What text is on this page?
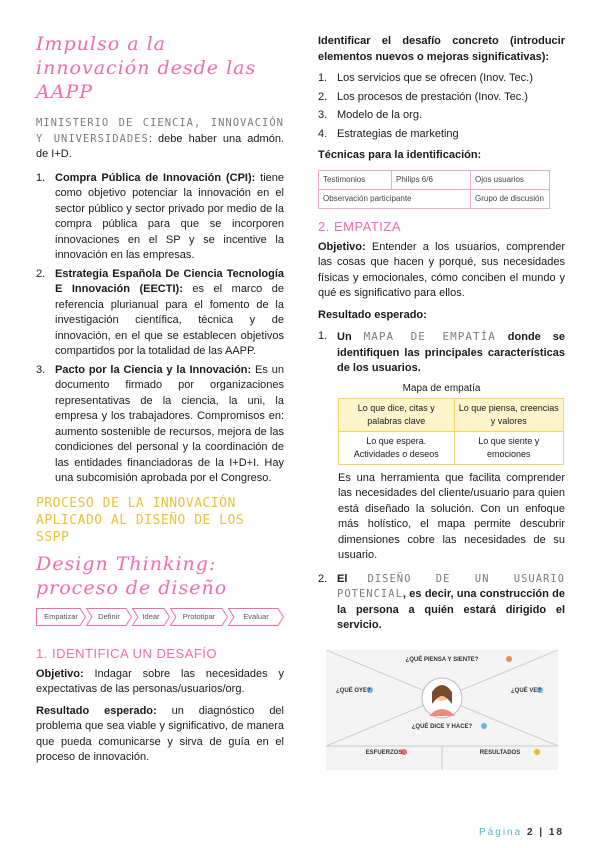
Impulso a la innovación desde las AAPP

MINISTERIO DE CIENCIA, INNOVACIÓN Y UNIVERSIDADES: debe haber una admón. de I+D.

1. Compra Pública de Innovación (CPI): tiene como objetivo potenciar la innovación en el sector público y sector privado por medio de la compra pública para que se incorporen innovaciones en el SP y se incentive la innovación en las empresas.
2. Estrategia Española De Ciencia Tecnología E Innovación (EECTI): es el marco de referencia plurianual para el fomento de la investigación científica, técnica y de innovación, en el que se establecen objetivos compartidos por la totalidad de las AAPP.
3. Pacto por la Ciencia y la Innovación: Es un documento firmado por organizaciones representativas de la ciencia, la uni, la empresa y los trabajadores. Compromisos en: aumento sostenible de recursos, mejora de las condiciones del personal y la coordinación de las entidades financiadoras de la I+D+I. Hay una subcomisión aprobada por el Congreso.

PROCESO DE LA INNOVACIÓN APLICADO AL DISEÑO DE LOS SSPP

Design Thinking: proceso de diseño

Empatizar	Definir	Idear	Prototipar	Evaluar

1. IDENTIFICA UN DESAFÍO

Objetivo: Indagar sobre las necesidades y expectativas de las personas/usuarios/org.

Resultado esperado: un diagnóstico del problema que sea viable y significativo, de manera que pueda comunicarse y sirva de guía en el proceso de innovación.

Identificar el desafío concreto (introducir elementos nuevos o mejoras significativas):

1. Los servicios que se ofrecen (Inov. Tec.)
2. Los procesos de prestación (Inov. Tec.)
3. Modelo de la org.
4. Estrategias de marketing

Técnicas para la identificación:

Testimonios	Philips 6/6	Ojos usuarios
Observación participante		Grupo de discusión

2. EMPATIZA

Objetivo: Entender a los usuarios, comprender las cosas que hacen y porqué, sus necesidades físicas y emocionales, cómo conciben el mundo y qué es significativo para ellos.

Resultado esperado:

1. Un MAPA DE EMPATÍA donde se identifiquen las principales características de los usuarios.

Mapa de empatía

Lo que dice, citas y palabras clave	Lo que piensa, creencias y valores
Lo que espera. Actividades o deseos	Lo que siente y emociones

Es una herramienta que facilita comprender las necesidades del cliente/usuario para quien está diseñado la solución. Con un enfoque más holístico, el mapa permite descubrir dimensiones cobre las necesidades de su usuario.

2. El DISEÑO DE UN USUARIO POTENCIAL, es decir, una construcción de la persona a quién estará dirigido el servicio.
¿QUÉ PIENSA Y SIENTE?
¿QUÉ OYE?	¿QUÉ VE?
¿QUÉ DICE Y HACE?
ESFUERZOS	RESULTADOS
Página 2 | 18
